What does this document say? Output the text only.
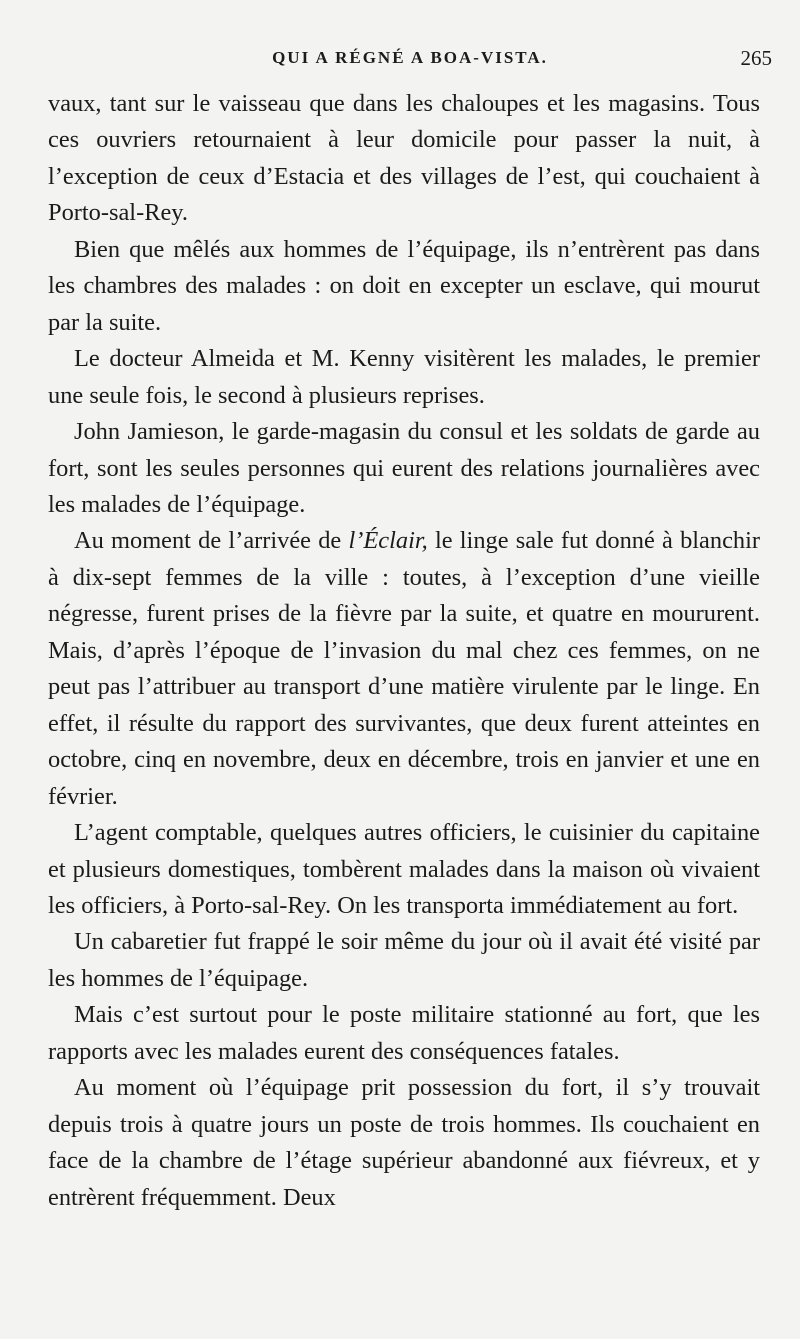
QUI A RÉGNÉ A BOA-VISTA.	265

vaux, tant sur le vaisseau que dans les chaloupes et les magasins. Tous ces ouvriers retournaient à leur domicile pour passer la nuit, à l’exception de ceux d’Estacia et des villages de l’est, qui couchaient à Porto-sal-Rey.

Bien que mêlés aux hommes de l’équipage, ils n’entrèrent pas dans les chambres des malades : on doit en excepter un esclave, qui mourut par la suite.

Le docteur Almeida et M. Kenny visitèrent les malades, le premier une seule fois, le second à plusieurs reprises.

John Jamieson, le garde-magasin du consul et les soldats de garde au fort, sont les seules personnes qui eurent des relations journalières avec les malades de l’équipage.

Au moment de l’arrivée de l’Éclair, le linge sale fut donné à blanchir à dix-sept femmes de la ville : toutes, à l’exception d’une vieille négresse, furent prises de la fièvre par la suite, et quatre en moururent. Mais, d’après l’époque de l’invasion du mal chez ces femmes, on ne peut pas l’attribuer au transport d’une matière virulente par le linge. En effet, il résulte du rapport des survivantes, que deux furent atteintes en octobre, cinq en novembre, deux en décembre, trois en janvier et une en février.

L’agent comptable, quelques autres officiers, le cuisinier du capitaine et plusieurs domestiques, tombèrent malades dans la maison où vivaient les officiers, à Porto-sal-Rey. On les transporta immédiatement au fort.

Un cabaretier fut frappé le soir même du jour où il avait été visité par les hommes de l’équipage.

Mais c’est surtout pour le poste militaire stationné au fort, que les rapports avec les malades eurent des conséquences fatales.

Au moment où l’équipage prit possession du fort, il s’y trouvait depuis trois à quatre jours un poste de trois hommes. Ils couchaient en face de la chambre de l’étage supérieur abandonné aux fiévreux, et y entrèrent fréquemment. Deux
